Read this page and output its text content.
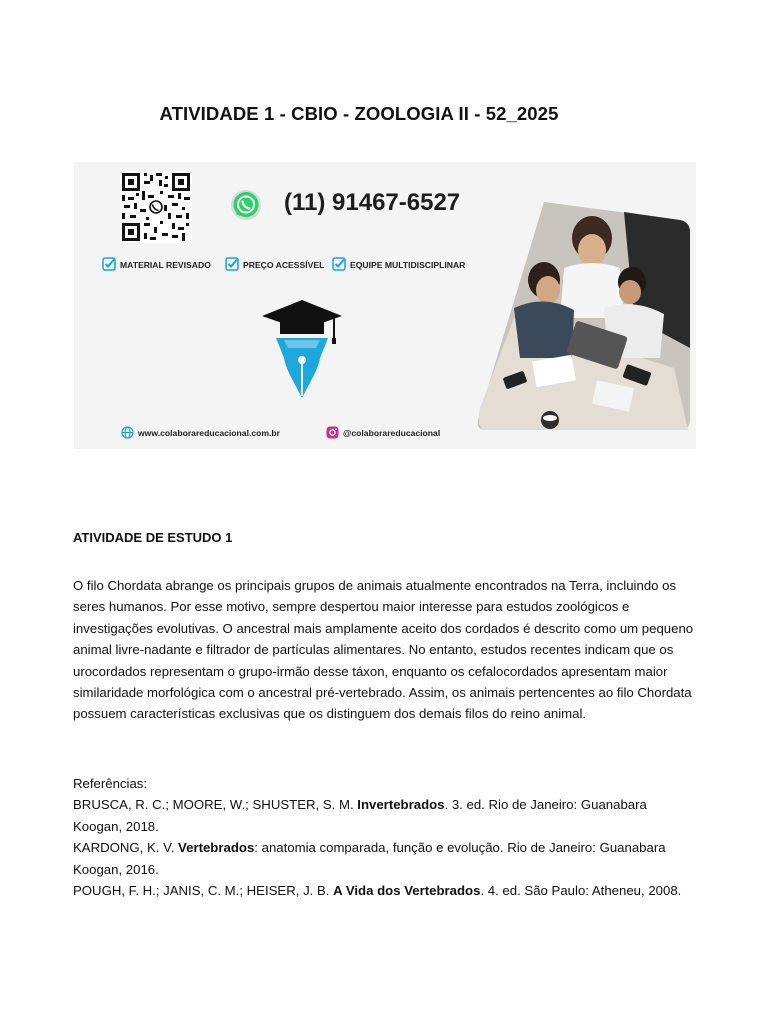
ATIVIDADE 1 - CBIO - ZOOLOGIA II - 52_2025
(11) 91467-6527
MATERIAL REVISADO	PREÇO ACESSÍVEL	EQUIPE MULTIDISCIPLINAR
www.colaborareducacional.com.br	@colaborareducacional
ATIVIDADE DE ESTUDO 1
O filo Chordata abrange os principais grupos de animais atualmente encontrados na Terra, incluindo os seres humanos. Por esse motivo, sempre despertou maior interesse para estudos zoológicos e investigações evolutivas. O ancestral mais amplamente aceito dos cordados é descrito como um pequeno animal livre-nadante e filtrador de partículas alimentares. No entanto, estudos recentes indicam que os urocordados representam o grupo-irmão desse táxon, enquanto os cefalocordados apresentam maior similaridade morfológica com o ancestral pré-vertebrado. Assim, os animais pertencentes ao filo Chordata possuem características exclusivas que os distinguem dos demais filos do reino animal.

Referências:

BRUSCA, R. C.; MOORE, W.; SHUSTER, S. M. Invertebrados. 3. ed. Rio de Janeiro: Guanabara Koogan, 2018.

KARDONG, K. V. Vertebrados: anatomia comparada, função e evolução. Rio de Janeiro: Guanabara Koogan, 2016.

POUGH, F. H.; JANIS, C. M.; HEISER, J. B. A Vida dos Vertebrados. 4. ed. São Paulo: Atheneu, 2008.
